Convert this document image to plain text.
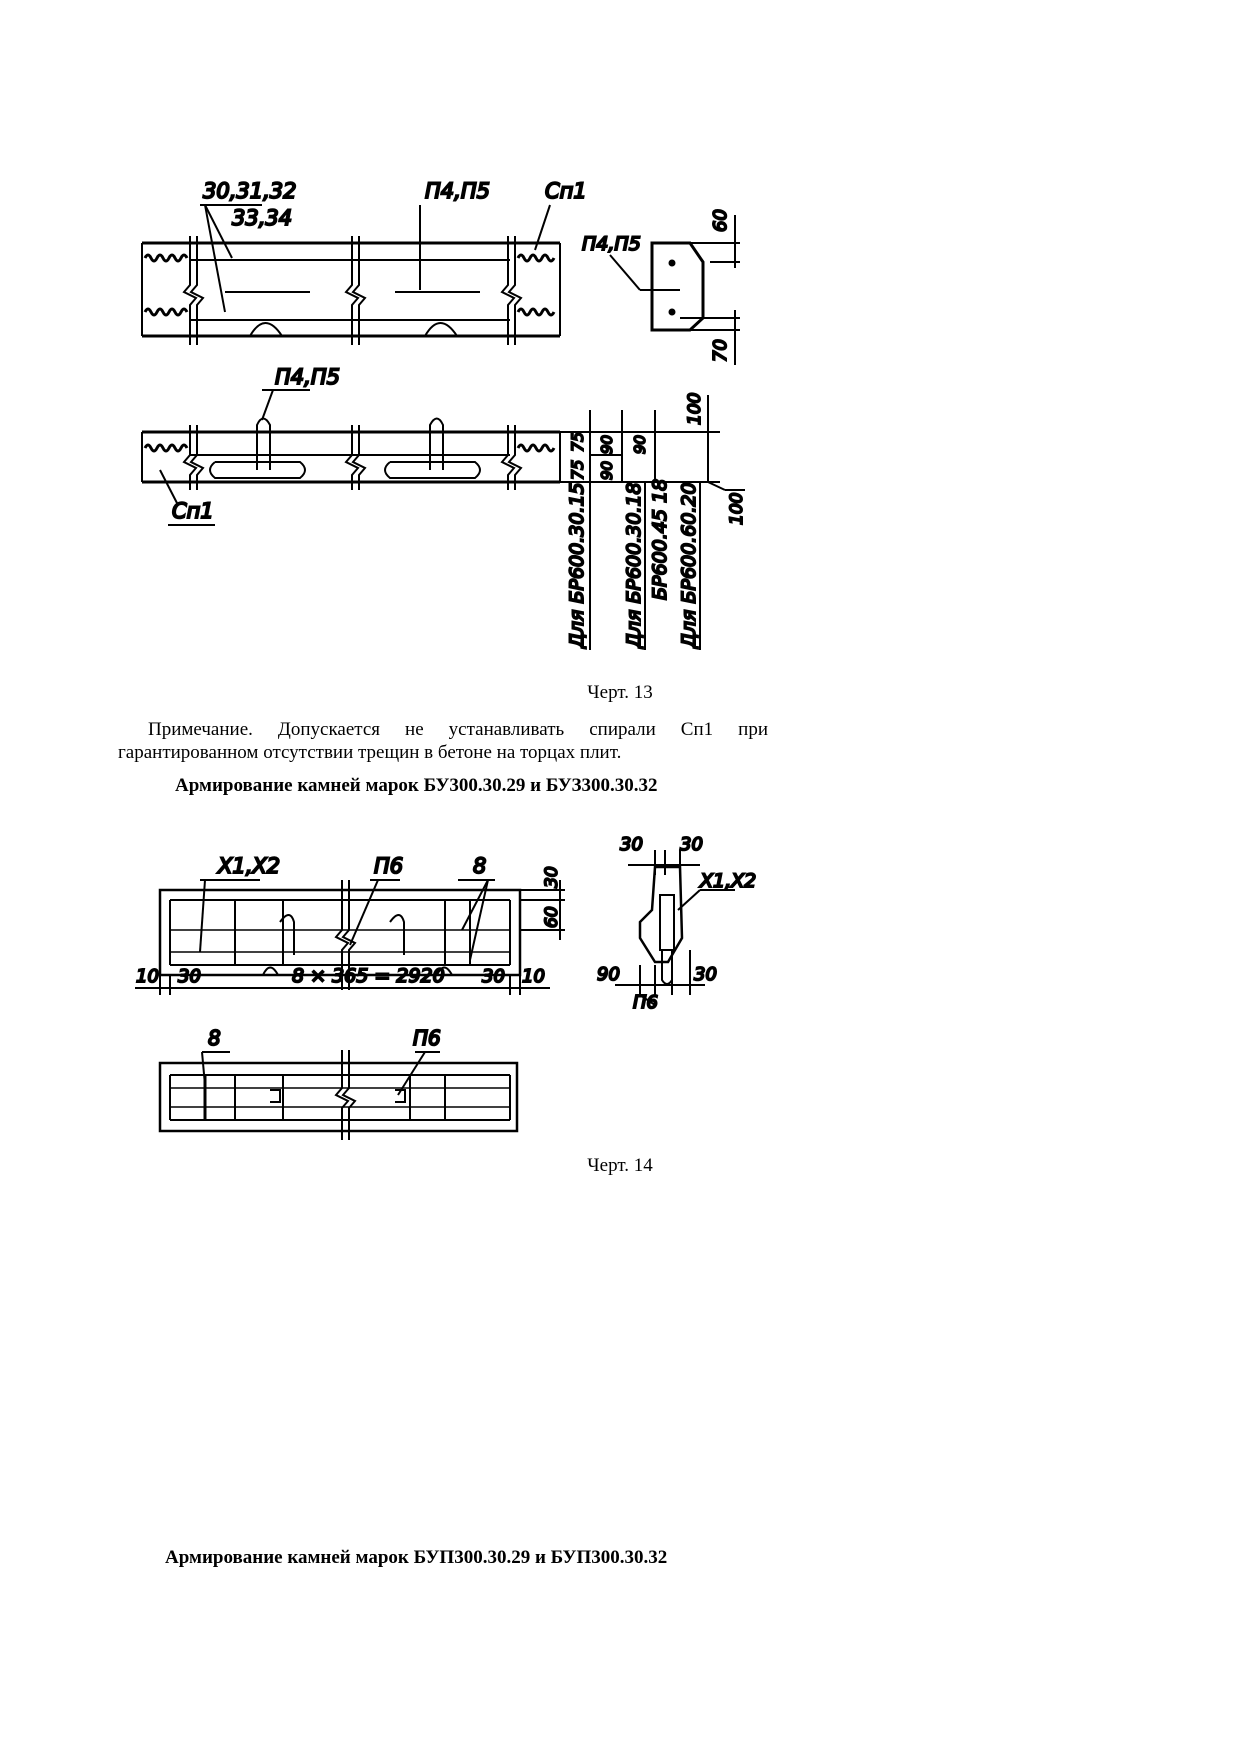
30,31,32
33,34
П4,П5	Сп1
П4,П5
60
70
П4,П5
Сп1
100
100
75
75
90
90
90
Для БР600.30.15 Для БР600.30.18 БР600.45 18 Для БР600.60.20
Черт. 13
Примечание. Допускается не устанавливать спирали Сп1 при
гарантированном отсутствии трещин в бетоне на торцах плит.
Армирование камней марок БУ300.30.29 и БУЗ300.30.32
Х1,Х2	П6	8	30
60
10 30	8 × 365 = 2920 30 10
30 30
Х1,Х2
90
П6
30
8	П6
Черт. 14
Армирование камней марок БУП300.30.29 и БУП300.30.32
